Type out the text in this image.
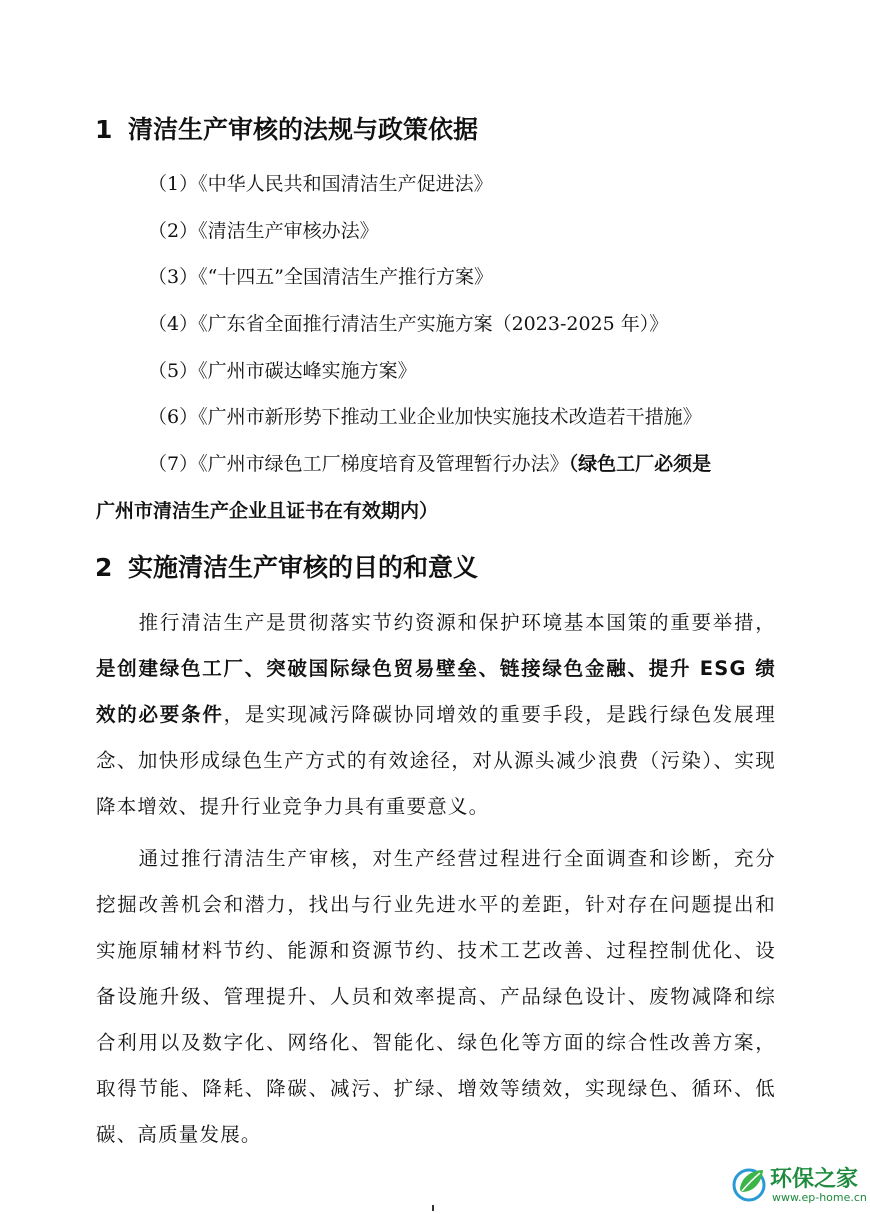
1 清洁生产审核的法规与政策依据

（1）《中华人民共和国清洁生产促进法》

（2）《清洁生产审核办法》

（3）《“十四五”全国清洁生产推行方案》

（4）《广东省全面推行清洁生产实施方案（2023-2025 年）》

（5）《广州市碳达峰实施方案》

（6）《广州市新形势下推动工业企业加快实施技术改造若干措施》

（7）《广州市绿色工厂梯度培育及管理暂行办法》（绿色工厂必须是

广州市清洁生产企业且证书在有效期内）

2 实施清洁生产审核的目的和意义

推行清洁生产是贯彻落实节约资源和保护环境基本国策的重要举措，是创建绿色工厂、突破国际绿色贸易壁垒、链接绿色金融、提升 ESG 绩效的必要条件，是实现减污降碳协同增效的重要手段，是践行绿色发展理念、加快形成绿色生产方式的有效途径，对从源头减少浪费（污染）、实现降本增效、提升行业竞争力具有重要意义。

通过推行清洁生产审核，对生产经营过程进行全面调查和诊断，充分挖掘改善机会和潜力，找出与行业先进水平的差距，针对存在问题提出和实施原辅材料节约、能源和资源节约、技术工艺改善、过程控制优化、设备设施升级、管理提升、人员和效率提高、产品绿色设计、废物减降和综合利用以及数字化、网络化、智能化、绿色化等方面的综合性改善方案，取得节能、降耗、降碳、减污、扩绿、增效等绩效，实现绿色、循环、低碳、高质量发展。

环保之家
www.ep-home.cn
